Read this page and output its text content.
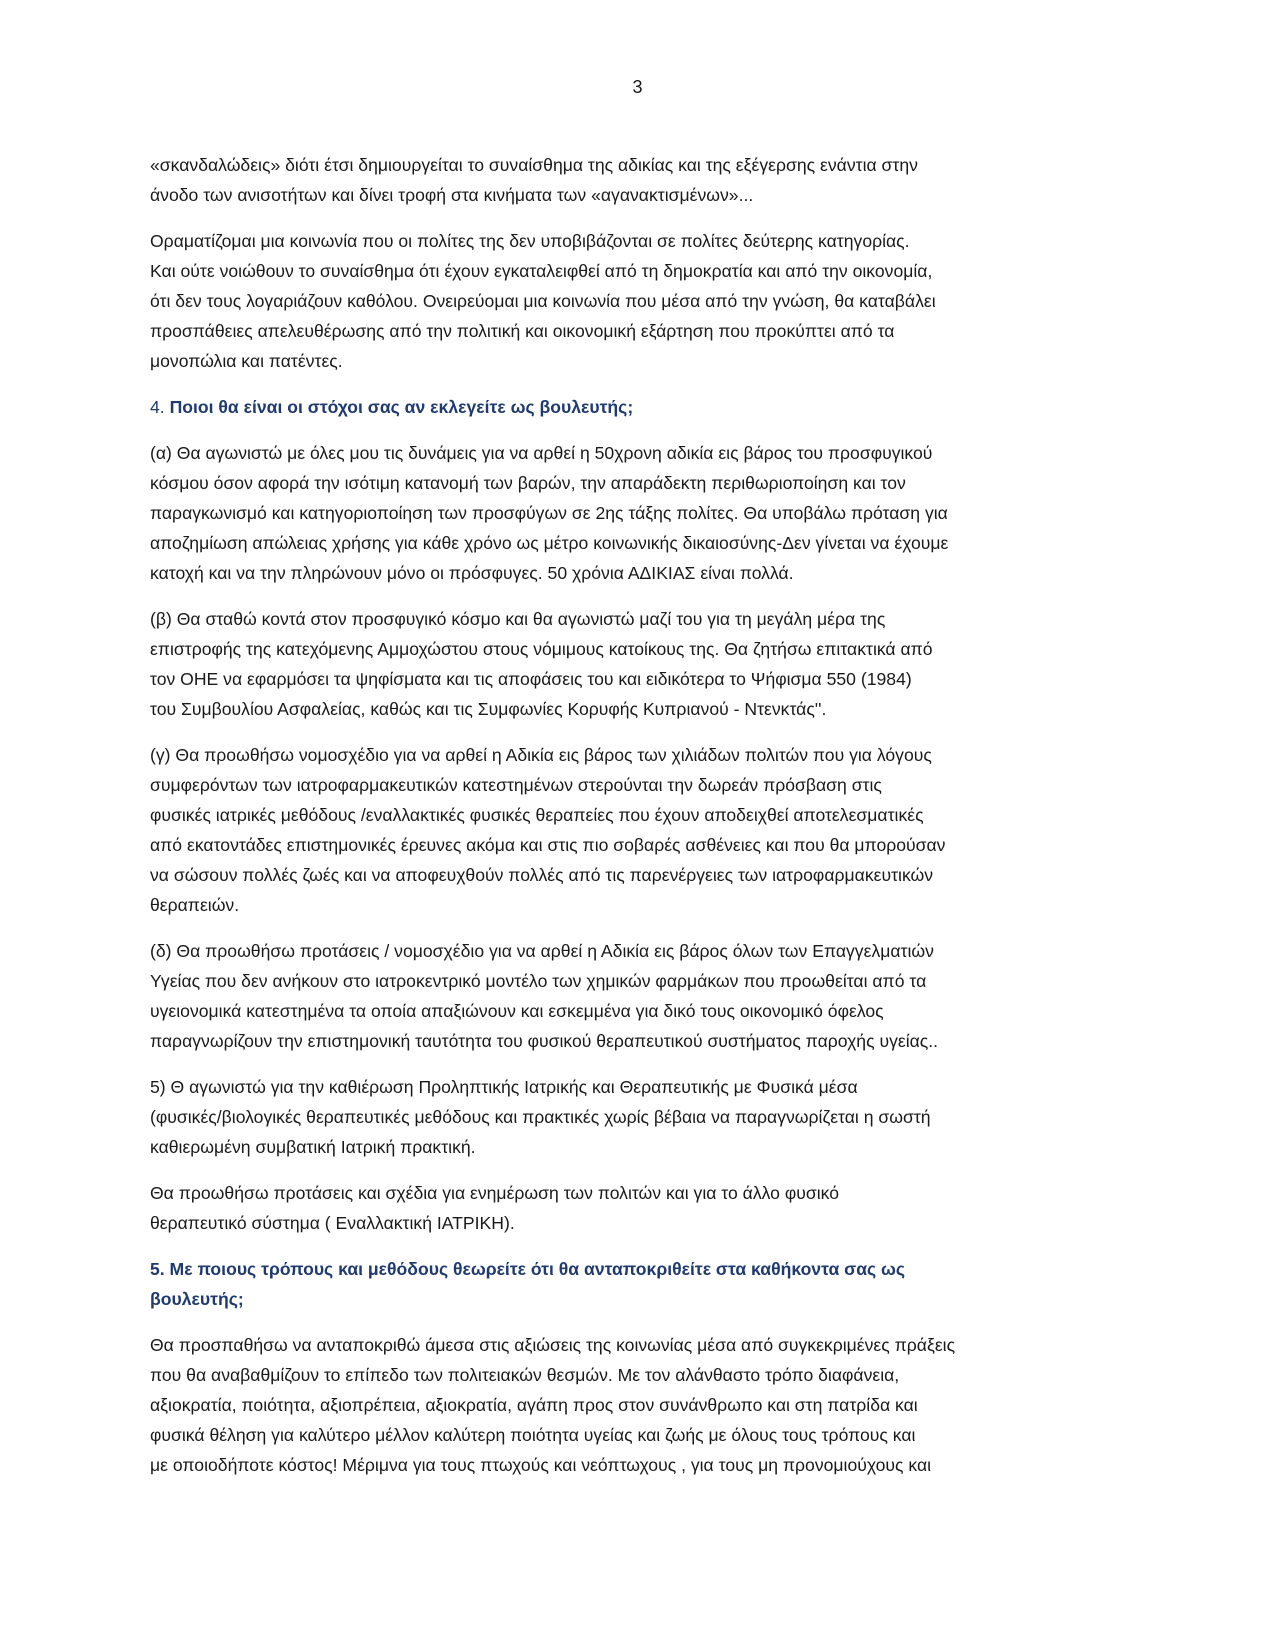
3

«σκανδαλώδεις» διότι έτσι δημιουργείται το συναίσθημα της αδικίας και της εξέγερσης ενάντια στην
άνοδο των ανισοτήτων και δίνει τροφή στα κινήματα των «αγανακτισμένων»...

Οραματίζομαι μια κοινωνία που οι πολίτες της δεν υποβιβάζονται σε πολίτες δεύτερης κατηγορίας.
Και ούτε νοιώθουν το συναίσθημα ότι έχουν εγκαταλειφθεί από τη δημοκρατία και από την οικονομία,
ότι δεν τους λογαριάζουν καθόλου. Ονειρεύομαι μια κοινωνία που μέσα από την γνώση, θα καταβάλει
προσπάθειες απελευθέρωσης από την πολιτική και οικονομική εξάρτηση που προκύπτει από τα
μονοπώλια και πατέντες.

4. Ποιοι θα είναι οι στόχοι σας αν εκλεγείτε ως βουλευτής;

(α) Θα αγωνιστώ με όλες μου τις δυνάμεις για να αρθεί η 50χρονη αδικία εις βάρος του προσφυγικού
κόσμου όσον αφορά την ισότιμη κατανομή των βαρών, την απαράδεκτη περιθωριοποίηση και τον
παραγκωνισμό και κατηγοριοποίηση των προσφύγων σε 2ης τάξης πολίτες. Θα υποβάλω πρόταση για
αποζημίωση απώλειας χρήσης για κάθε χρόνο ως μέτρο κοινωνικής δικαιοσύνης-Δεν γίνεται να έχουμε
κατοχή και να την πληρώνουν μόνο οι πρόσφυγες. 50 χρόνια ΑΔΙΚΙΑΣ είναι πολλά.

(β) Θα σταθώ κοντά στον προσφυγικό κόσμο και θα αγωνιστώ μαζί του για τη μεγάλη μέρα της
επιστροφής της κατεχόμενης Αμμοχώστου στους νόμιμους κατοίκους της. Θα ζητήσω επιτακτικά από
τον ΟΗΕ να εφαρμόσει τα ψηφίσματα και τις αποφάσεις του και ειδικότερα το Ψήφισμα 550 (1984)
του Συμβουλίου Ασφαλείας, καθώς και τις Συμφωνίες Κορυφής Κυπριανού - Ντενκτάς''.

(γ) Θα προωθήσω νομοσχέδιο για να αρθεί η Αδικία εις βάρος των χιλιάδων πολιτών που για λόγους
συμφερόντων των ιατροφαρμακευτικών κατεστημένων στερούνται την δωρεάν πρόσβαση στις
φυσικές ιατρικές μεθόδους /εναλλακτικές φυσικές θεραπείες που έχουν αποδειχθεί αποτελεσματικές
από εκατοντάδες επιστημονικές έρευνες ακόμα και στις πιο σοβαρές ασθένειες και που θα μπορούσαν
να σώσουν πολλές ζωές και να αποφευχθούν πολλές από τις παρενέργειες των ιατροφαρμακευτικών
θεραπειών.

(δ) Θα προωθήσω προτάσεις / νομοσχέδιο για να αρθεί η Αδικία εις βάρος όλων των Επαγγελματιών
Υγείας που δεν ανήκουν στο ιατροκεντρικό μοντέλο των χημικών φαρμάκων που προωθείται από τα
υγειονομικά κατεστημένα τα οποία απαξιώνουν και εσκεμμένα για δικό τους οικονομικό όφελος
παραγνωρίζουν την επιστημονική ταυτότητα του φυσικού θεραπευτικού συστήματος παροχής υγείας..

5) Θ αγωνιστώ για την καθιέρωση Προληπτικής Ιατρικής και Θεραπευτικής με Φυσικά μέσα
(φυσικές/βιολογικές θεραπευτικές μεθόδους και πρακτικές χωρίς βέβαια να παραγνωρίζεται η σωστή
καθιερωμένη συμβατική Ιατρική πρακτική.

Θα προωθήσω προτάσεις και σχέδια για ενημέρωση των πολιτών και για το άλλο φυσικό
θεραπευτικό σύστημα ( Εναλλακτική ΙΑΤΡΙΚΗ).

5. Με ποιους τρόπους και μεθόδους θεωρείτε ότι θα ανταποκριθείτε στα καθήκοντα σας ως
βουλευτής;

Θα προσπαθήσω να ανταποκριθώ άμεσα στις αξιώσεις της κοινωνίας μέσα από συγκεκριμένες πράξεις
που θα αναβαθμίζουν το επίπεδο των πολιτειακών θεσμών. Με τον αλάνθαστο τρόπο διαφάνεια,
αξιοκρατία, ποιότητα, αξιοπρέπεια, αξιοκρατία, αγάπη προς στον συνάνθρωπο και στη πατρίδα και
φυσικά θέληση για καλύτερο μέλλον καλύτερη ποιότητα υγείας και ζωής με όλους τους τρόπους και
με οποιοδήποτε κόστος! Μέριμνα για τους πτωχούς και νεόπτωχους , για τους μη προνομιούχους και
